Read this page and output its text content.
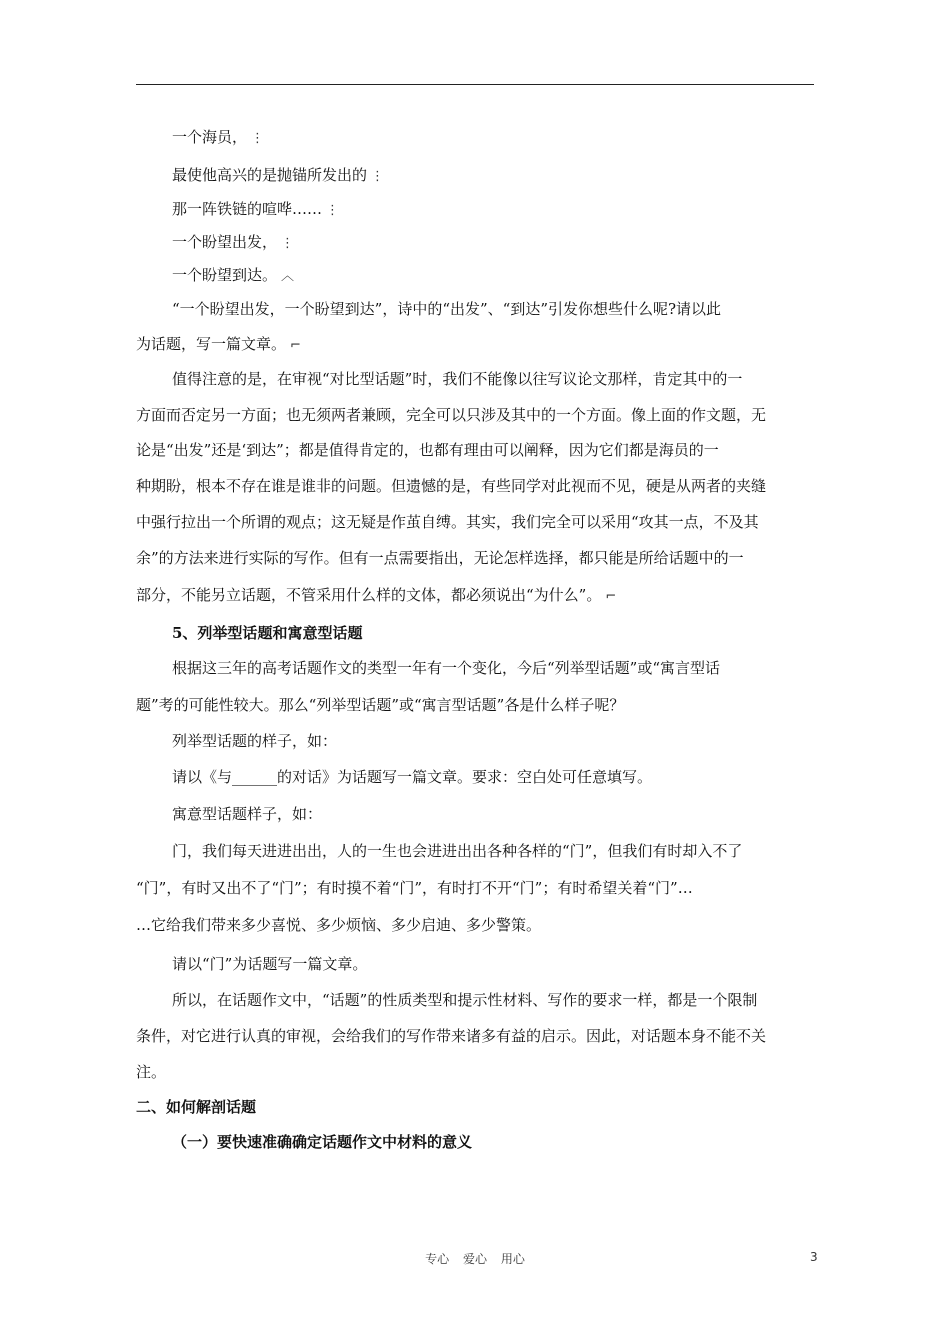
一个海员， ⋮
最使他高兴的是抛锚所发出的 ⋮
那一阵铁链的喧哗…… ⋮
一个盼望出发， ⋮
一个盼望到达。 ︿
“一个盼望出发，一个盼望到达”，诗中的“出发”、“到达”引发你想些什么呢?请以此
为话题，写一篇文章。 ⌐
值得注意的是，在审视“对比型话题”时，我们不能像以往写议论文那样，肯定其中的一
方面而否定另一方面；也无须两者兼顾，完全可以只涉及其中的一个方面。像上面的作文题，无
论是“出发”还是‘到达”；都是值得肯定的，也都有理由可以阐释，因为它们都是海员的一
种期盼，根本不存在谁是谁非的问题。但遗憾的是，有些同学对此视而不见，硬是从两者的夹缝
中强行拉出一个所谓的观点；这无疑是作茧自缚。其实，我们完全可以采用“攻其一点，不及其
余”的方法来进行实际的写作。但有一点需要指出，无论怎样选择，都只能是所给话题中的一
部分，不能另立话题，不管采用什么样的文体，都必须说出“为什么”。 ⌐
5、列举型话题和寓意型话题
根据这三年的高考话题作文的类型一年有一个变化，今后“列举型话题”或“寓言型话
题”考的可能性较大。那么“列举型话题”或“寓言型话题”各是什么样子呢？
列举型话题的样子，如：
请以《与______的对话》为话题写一篇文章。要求：空白处可任意填写。
寓意型话题样子，如：
门，我们每天进进出出，人的一生也会进进出出各种各样的“门”，但我们有时却入不了
“门”，有时又出不了“门”；有时摸不着“门”，有时打不开“门”；有时希望关着“门”…
…它给我们带来多少喜悦、多少烦恼、多少启迪、多少警策。
请以“门”为话题写一篇文章。
所以，在话题作文中，“话题”的性质类型和提示性材料、写作的要求一样，都是一个限制
条件，对它进行认真的审视，会给我们的写作带来诸多有益的启示。因此，对话题本身不能不关
注。
二、如何解剖话题
（一）要快速准确确定话题作文中材料的意义
专心 爱心 用心	3
